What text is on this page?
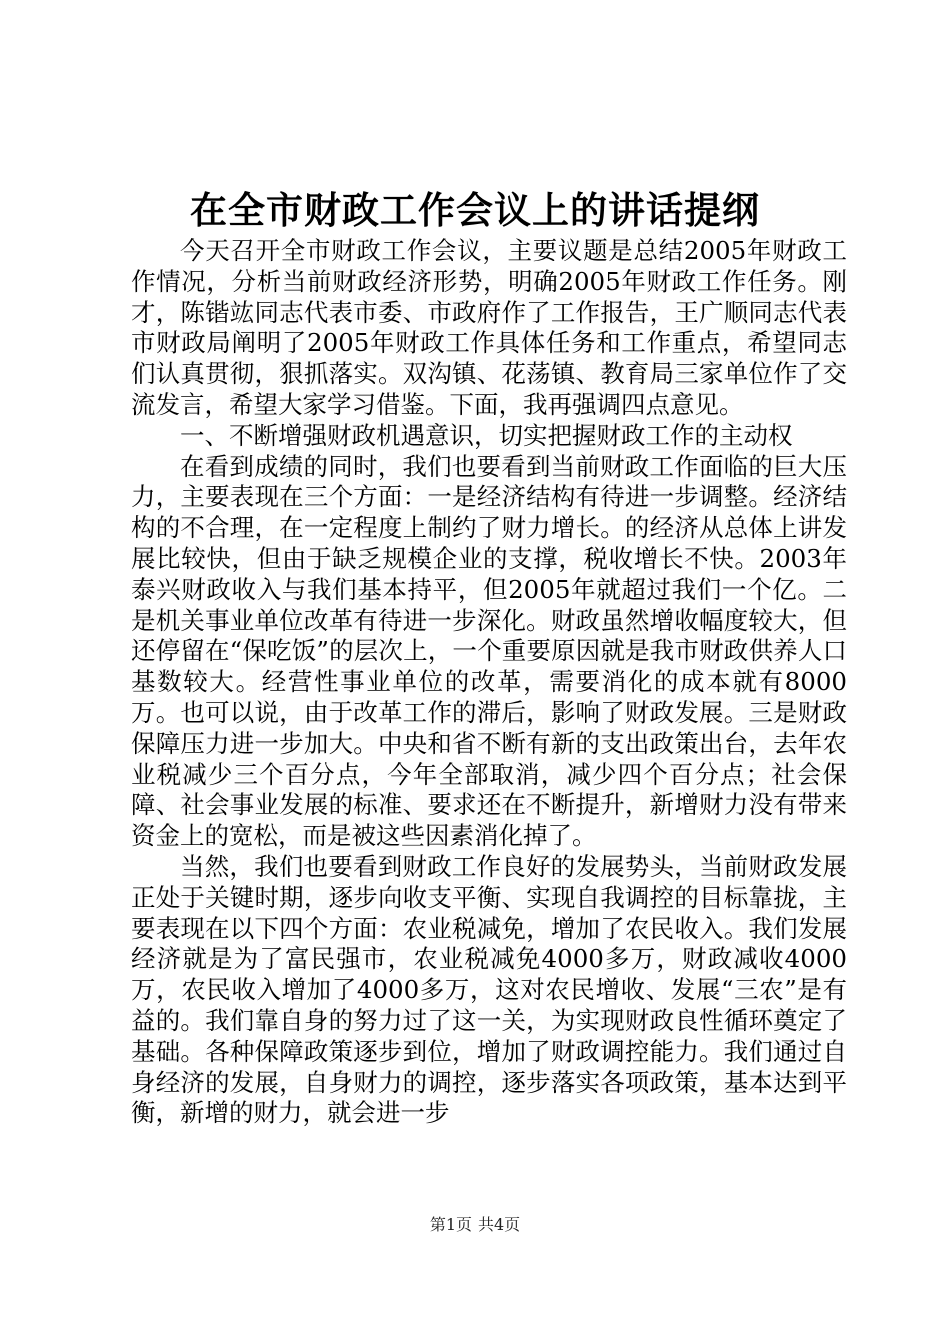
在全市财政工作会议上的讲话提纲

今天召开全市财政工作会议，主要议题是总结2005年财政工作情况，分析当前财政经济形势，明确2005年财政工作任务。刚才，陈锴竑同志代表市委、市政府作了工作报告，王广顺同志代表市财政局阐明了2005年财政工作具体任务和工作重点，希望同志们认真贯彻，狠抓落实。双沟镇、花荡镇、教育局三家单位作了交流发言，希望大家学习借鉴。下面，我再强调四点意见。

一、不断增强财政机遇意识，切实把握财政工作的主动权

在看到成绩的同时，我们也要看到当前财政工作面临的巨大压力，主要表现在三个方面：一是经济结构有待进一步调整。经济结构的不合理，在一定程度上制约了财力增长。的经济从总体上讲发展比较快，但由于缺乏规模企业的支撑，税收增长不快。2003年泰兴财政收入与我们基本持平，但2005年就超过我们一个亿。二是机关事业单位改革有待进一步深化。财政虽然增收幅度较大，但还停留在“保吃饭”的层次上，一个重要原因就是我市财政供养人口基数较大。经营性事业单位的改革，需要消化的成本就有8000万。也可以说，由于改革工作的滞后，影响了财政发展。三是财政保障压力进一步加大。中央和省不断有新的支出政策出台，去年农业税减少三个百分点，今年全部取消，减少四个百分点；社会保障、社会事业发展的标准、要求还在不断提升，新增财力没有带来资金上的宽松，而是被这些因素消化掉了。

当然，我们也要看到财政工作良好的发展势头，当前财政发展正处于关键时期，逐步向收支平衡、实现自我调控的目标靠拢，主要表现在以下四个方面：农业税减免，增加了农民收入。我们发展经济就是为了富民强市，农业税减免4000多万，财政减收4000万，农民收入增加了4000多万，这对农民增收、发展“三农”是有益的。我们靠自身的努力过了这一关，为实现财政良性循环奠定了基础。各种保障政策逐步到位，增加了财政调控能力。我们通过自身经济的发展，自身财力的调控，逐步落实各项政策，基本达到平衡，新增的财力，就会进一步

第1页 共4页
